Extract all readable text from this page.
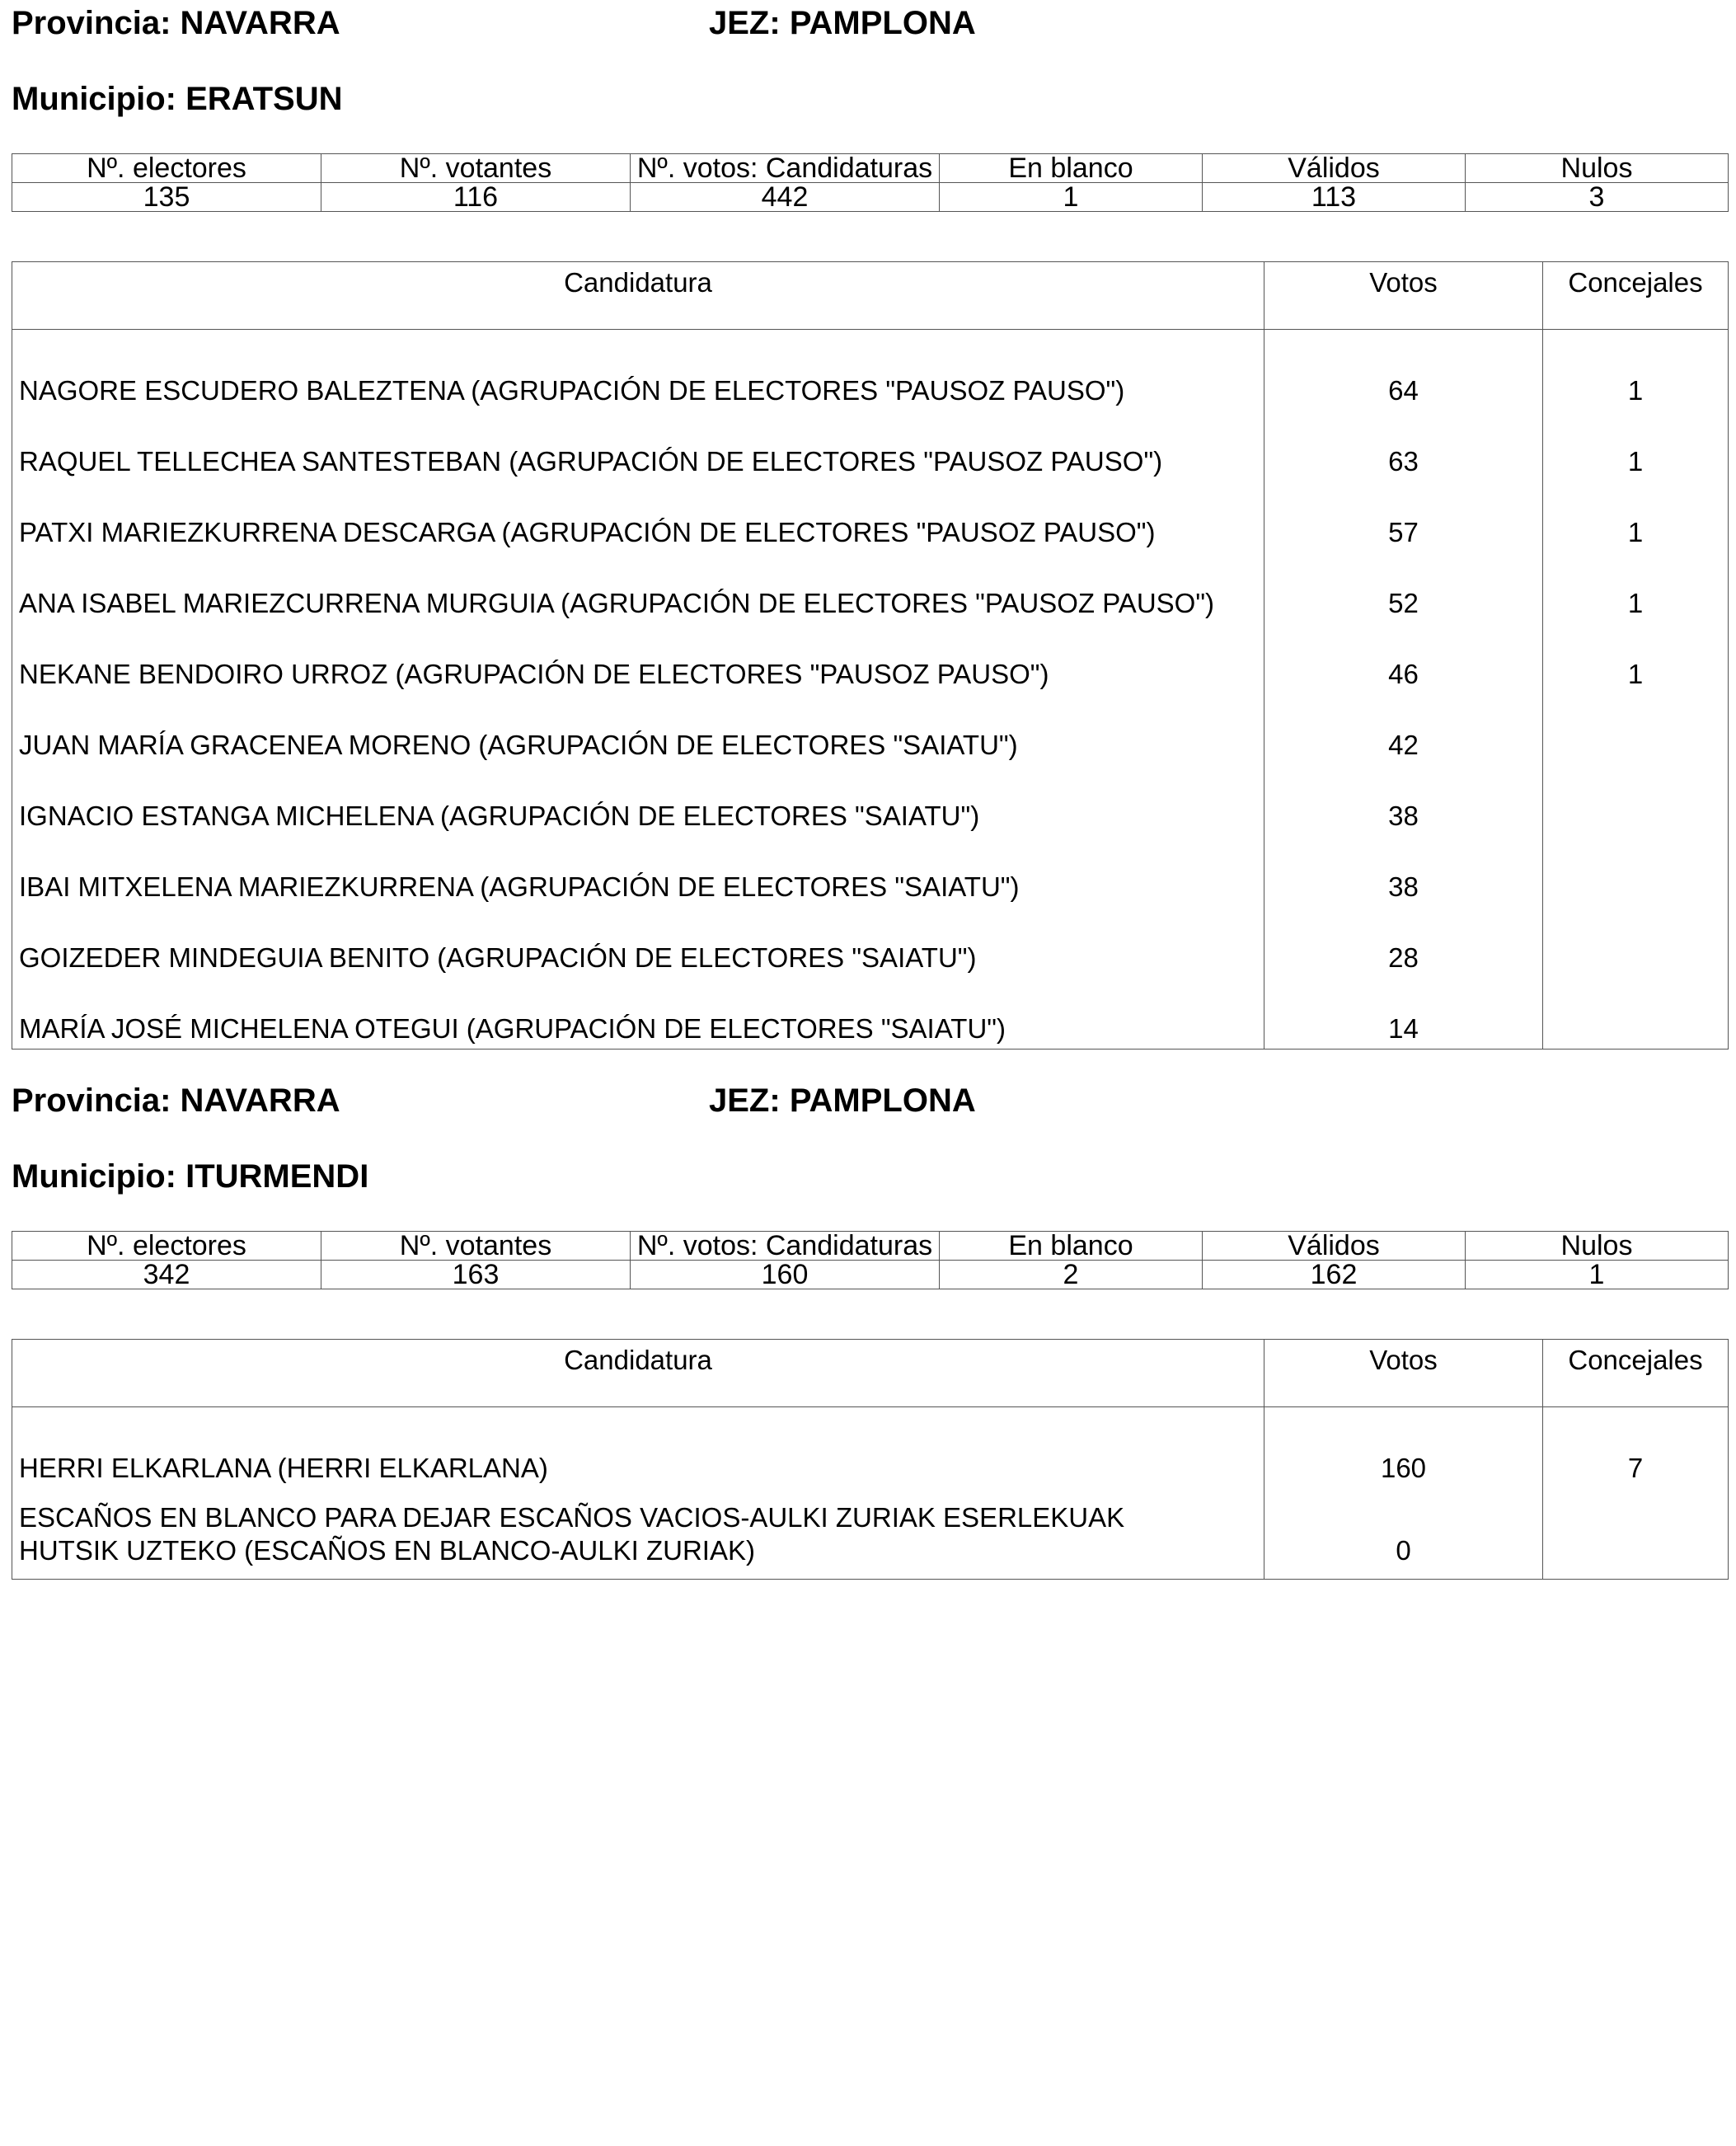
Provincia: NAVARRA	JEZ: PAMPLONA
Municipio: ERATSUN
Nº. electores	Nº. votantes	Nº. votos: Candidaturas	En blanco	Válidos	Nulos
135	116	442	1	113	3
Candidatura	Votos	Concejales
NAGORE ESCUDERO BALEZTENA (AGRUPACIÓN DE ELECTORES "PAUSOZ PAUSO")	64	1
RAQUEL TELLECHEA SANTESTEBAN (AGRUPACIÓN DE ELECTORES "PAUSOZ PAUSO")	63	1
PATXI MARIEZKURRENA DESCARGA (AGRUPACIÓN DE ELECTORES "PAUSOZ PAUSO")	57	1
ANA ISABEL MARIEZCURRENA MURGUIA (AGRUPACIÓN DE ELECTORES "PAUSOZ PAUSO")	52	1
NEKANE BENDOIRO URROZ (AGRUPACIÓN DE ELECTORES "PAUSOZ PAUSO")	46	1
JUAN MARÍA GRACENEA MORENO (AGRUPACIÓN DE ELECTORES "SAIATU")	42	
IGNACIO ESTANGA MICHELENA (AGRUPACIÓN DE ELECTORES "SAIATU")	38	
IBAI MITXELENA MARIEZKURRENA (AGRUPACIÓN DE ELECTORES "SAIATU")	38	
GOIZEDER MINDEGUIA BENITO (AGRUPACIÓN DE ELECTORES "SAIATU")	28	
MARÍA JOSÉ MICHELENA OTEGUI (AGRUPACIÓN DE ELECTORES "SAIATU")	14	
Provincia: NAVARRA	JEZ: PAMPLONA
Municipio: ITURMENDI
Nº. electores	Nº. votantes	Nº. votos: Candidaturas	En blanco	Válidos	Nulos
342	163	160	2	162	1
Candidatura	Votos	Concejales
HERRI ELKARLANA (HERRI ELKARLANA)	160	7
ESCAÑOS EN BLANCO PARA DEJAR ESCAÑOS VACIOS-AULKI ZURIAK ESERLEKUAK HUTSIK UZTEKO (ESCAÑOS EN BLANCO-AULKI ZURIAK)	0	
